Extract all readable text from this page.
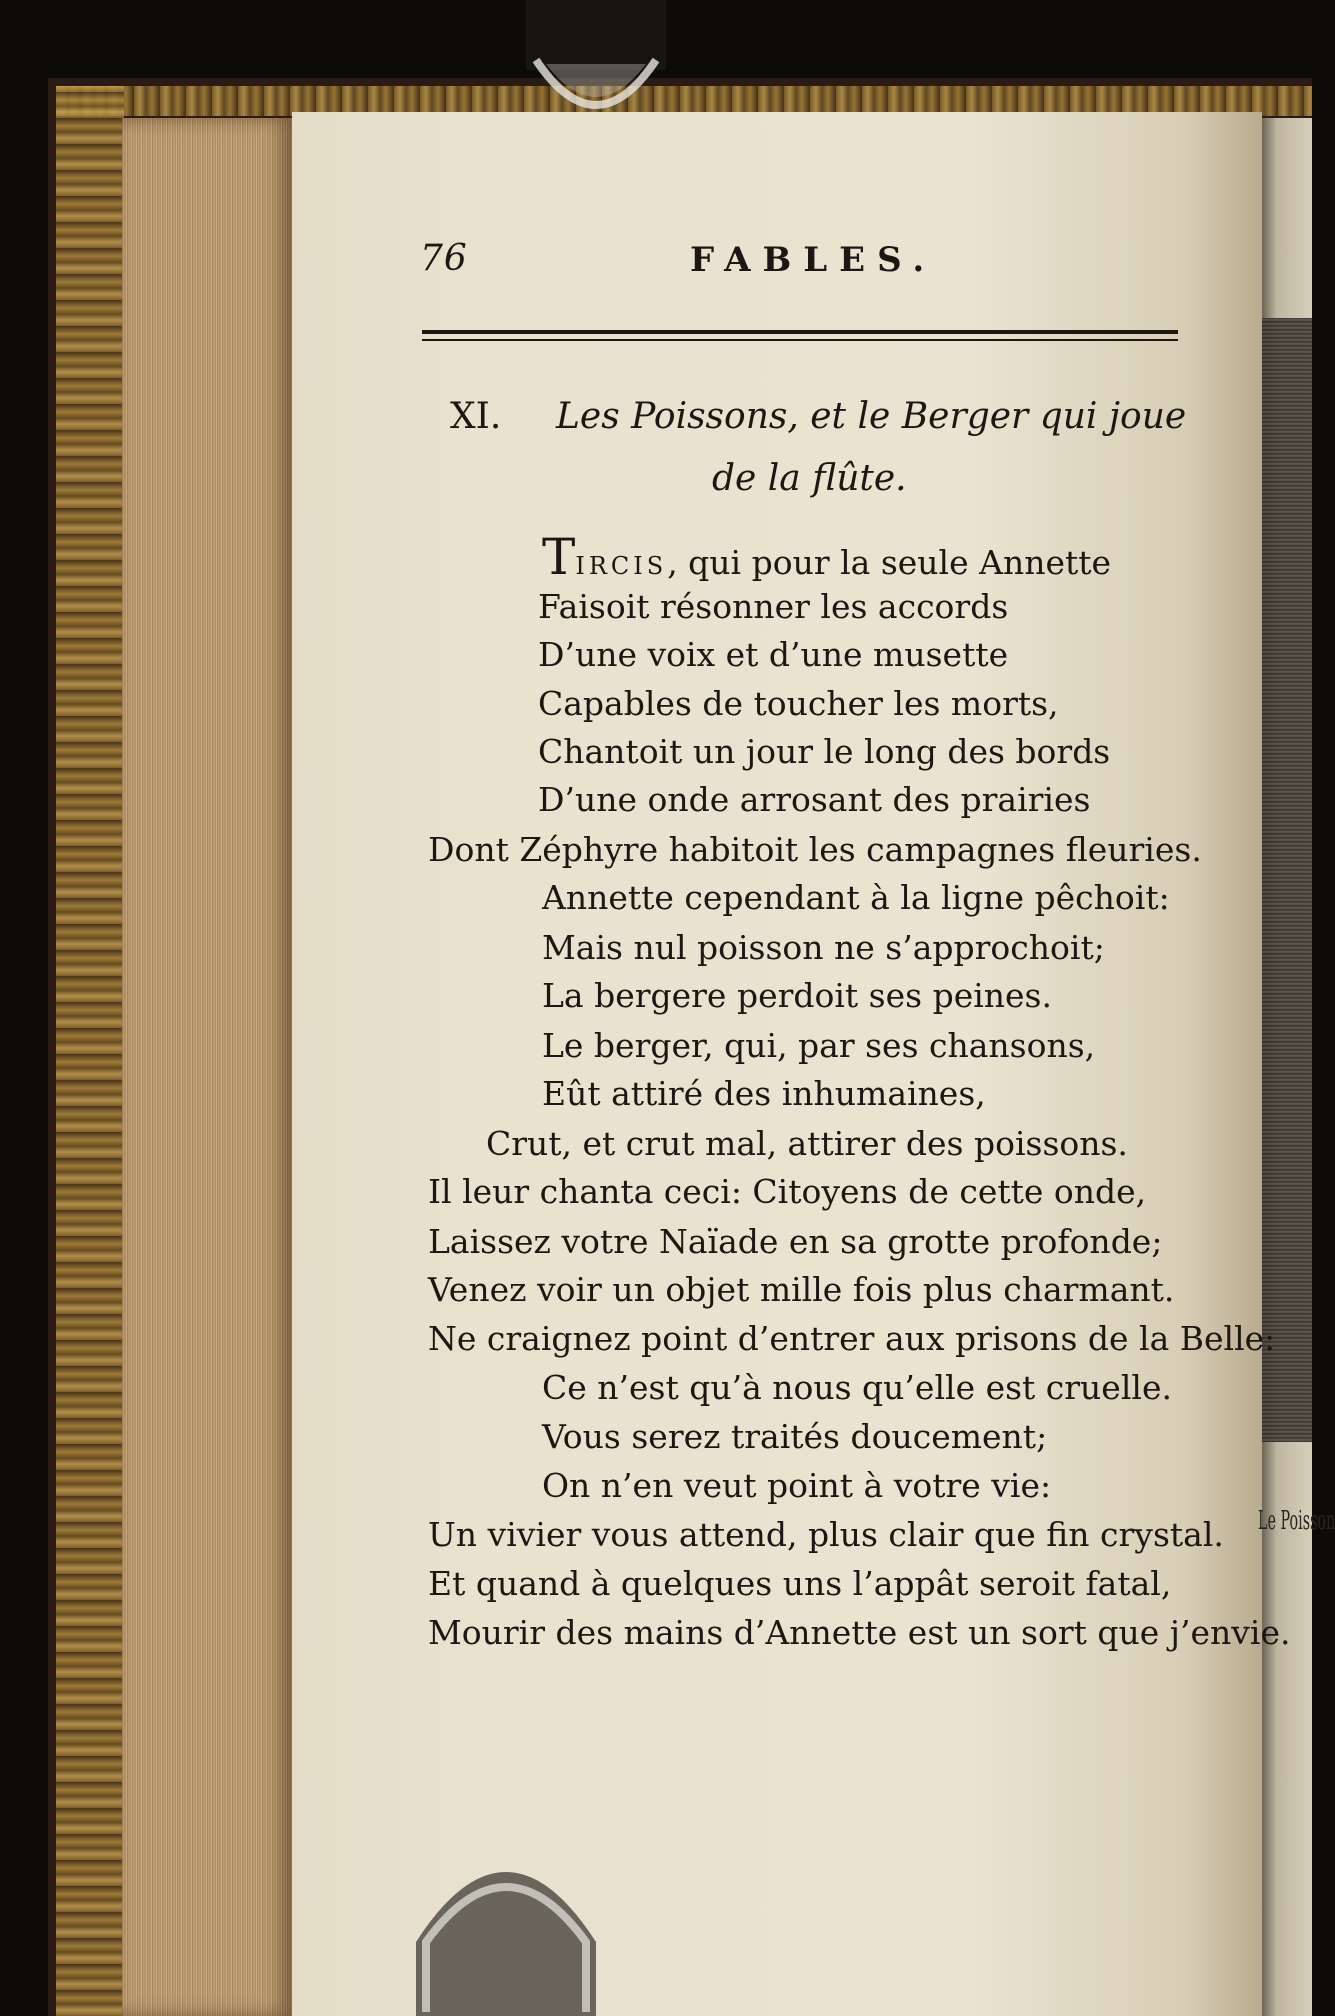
Le Poisson
76	FABLES.
XI. Les Poissons, et le Berger qui joue
de la flûte.
TIRCIS, qui pour la seule Annette
Faisoit résonner les accords
D’une voix et d’une musette
Capables de toucher les morts,
Chantoit un jour le long des bords
D’une onde arrosant des prairies
Dont Zéphyre habitoit les campagnes fleuries.
Annette cependant à la ligne pêchoit:
Mais nul poisson ne s’approchoit;
La bergere perdoit ses peines.
Le berger, qui, par ses chansons,
Eût attiré des inhumaines,
Crut, et crut mal, attirer des poissons.
Il leur chanta ceci: Citoyens de cette onde,
Laissez votre Naïade en sa grotte profonde;
Venez voir un objet mille fois plus charmant.
Ne craignez point d’entrer aux prisons de la Belle:
Ce n’est qu’à nous qu’elle est cruelle.
Vous serez traités doucement;
On n’en veut point à votre vie:
Un vivier vous attend, plus clair que fin crystal.
Et quand à quelques uns l’appât seroit fatal,
Mourir des mains d’Annette est un sort que j’envie.
